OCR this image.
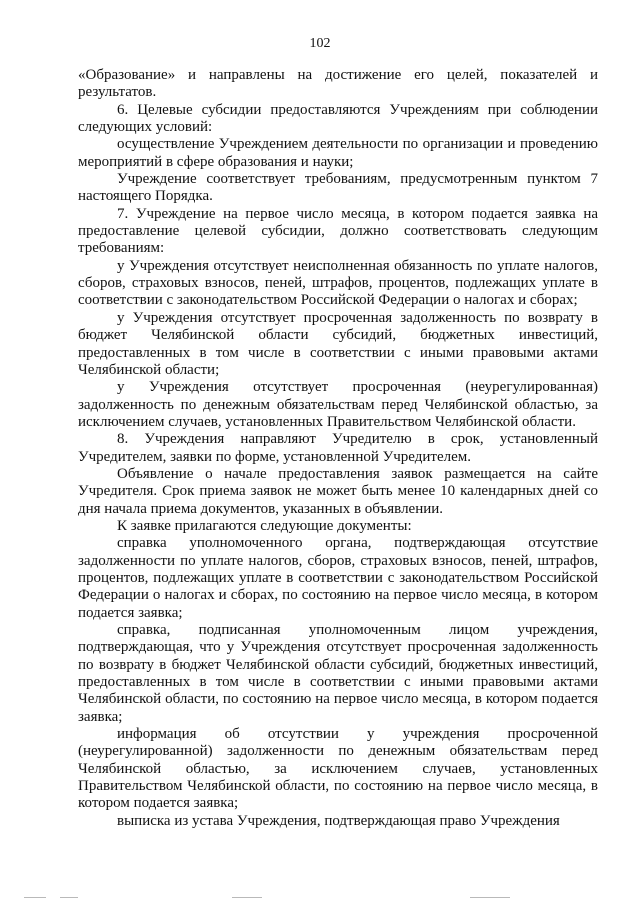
102

«Образование» и направлены на достижение его целей, показателей и результатов.

6. Целевые субсидии предоставляются Учреждениям при соблюдении следующих условий:

осуществление Учреждением деятельности по организации и проведению мероприятий в сфере образования и науки;

Учреждение соответствует требованиям, предусмотренным пунктом 7 настоящего Порядка.

7. Учреждение на первое число месяца, в котором подается заявка на предоставление целевой субсидии, должно соответствовать следующим требованиям:

у Учреждения отсутствует неисполненная обязанность по уплате налогов, сборов, страховых взносов, пеней, штрафов, процентов, подлежащих уплате в соответствии с законодательством Российской Федерации о налогах и сборах;

у Учреждения отсутствует просроченная задолженность по возврату в бюджет Челябинской области субсидий, бюджетных инвестиций, предоставленных в том числе в соответствии с иными правовыми актами Челябинской области;

у Учреждения отсутствует просроченная (неурегулированная) задолженность по денежным обязательствам перед Челябинской областью, за исключением случаев, установленных Правительством Челябинской области.

8. Учреждения направляют Учредителю в срок, установленный Учредителем, заявки по форме, установленной Учредителем.

Объявление о начале предоставления заявок размещается на сайте Учредителя. Срок приема заявок не может быть менее 10 календарных дней со дня начала приема документов, указанных в объявлении.

К заявке прилагаются следующие документы:

справка уполномоченного органа, подтверждающая отсутствие задолженности по уплате налогов, сборов, страховых взносов, пеней, штрафов, процентов, подлежащих уплате в соответствии с законодательством Российской Федерации о налогах и сборах, по состоянию на первое число месяца, в котором подается заявка;

справка, подписанная уполномоченным лицом учреждения, подтверждающая, что у Учреждения отсутствует просроченная задолженность по возврату в бюджет Челябинской области субсидий, бюджетных инвестиций, предоставленных в том числе в соответствии с иными правовыми актами Челябинской области, по состоянию на первое число месяца, в котором подается заявка;

информация об отсутствии у учреждения просроченной (неурегулированной) задолженности по денежным обязательствам перед Челябинской областью, за исключением случаев, установленных Правительством Челябинской области, по состоянию на первое число месяца, в котором подается заявка;

выписка из устава Учреждения, подтверждающая право Учреждения
